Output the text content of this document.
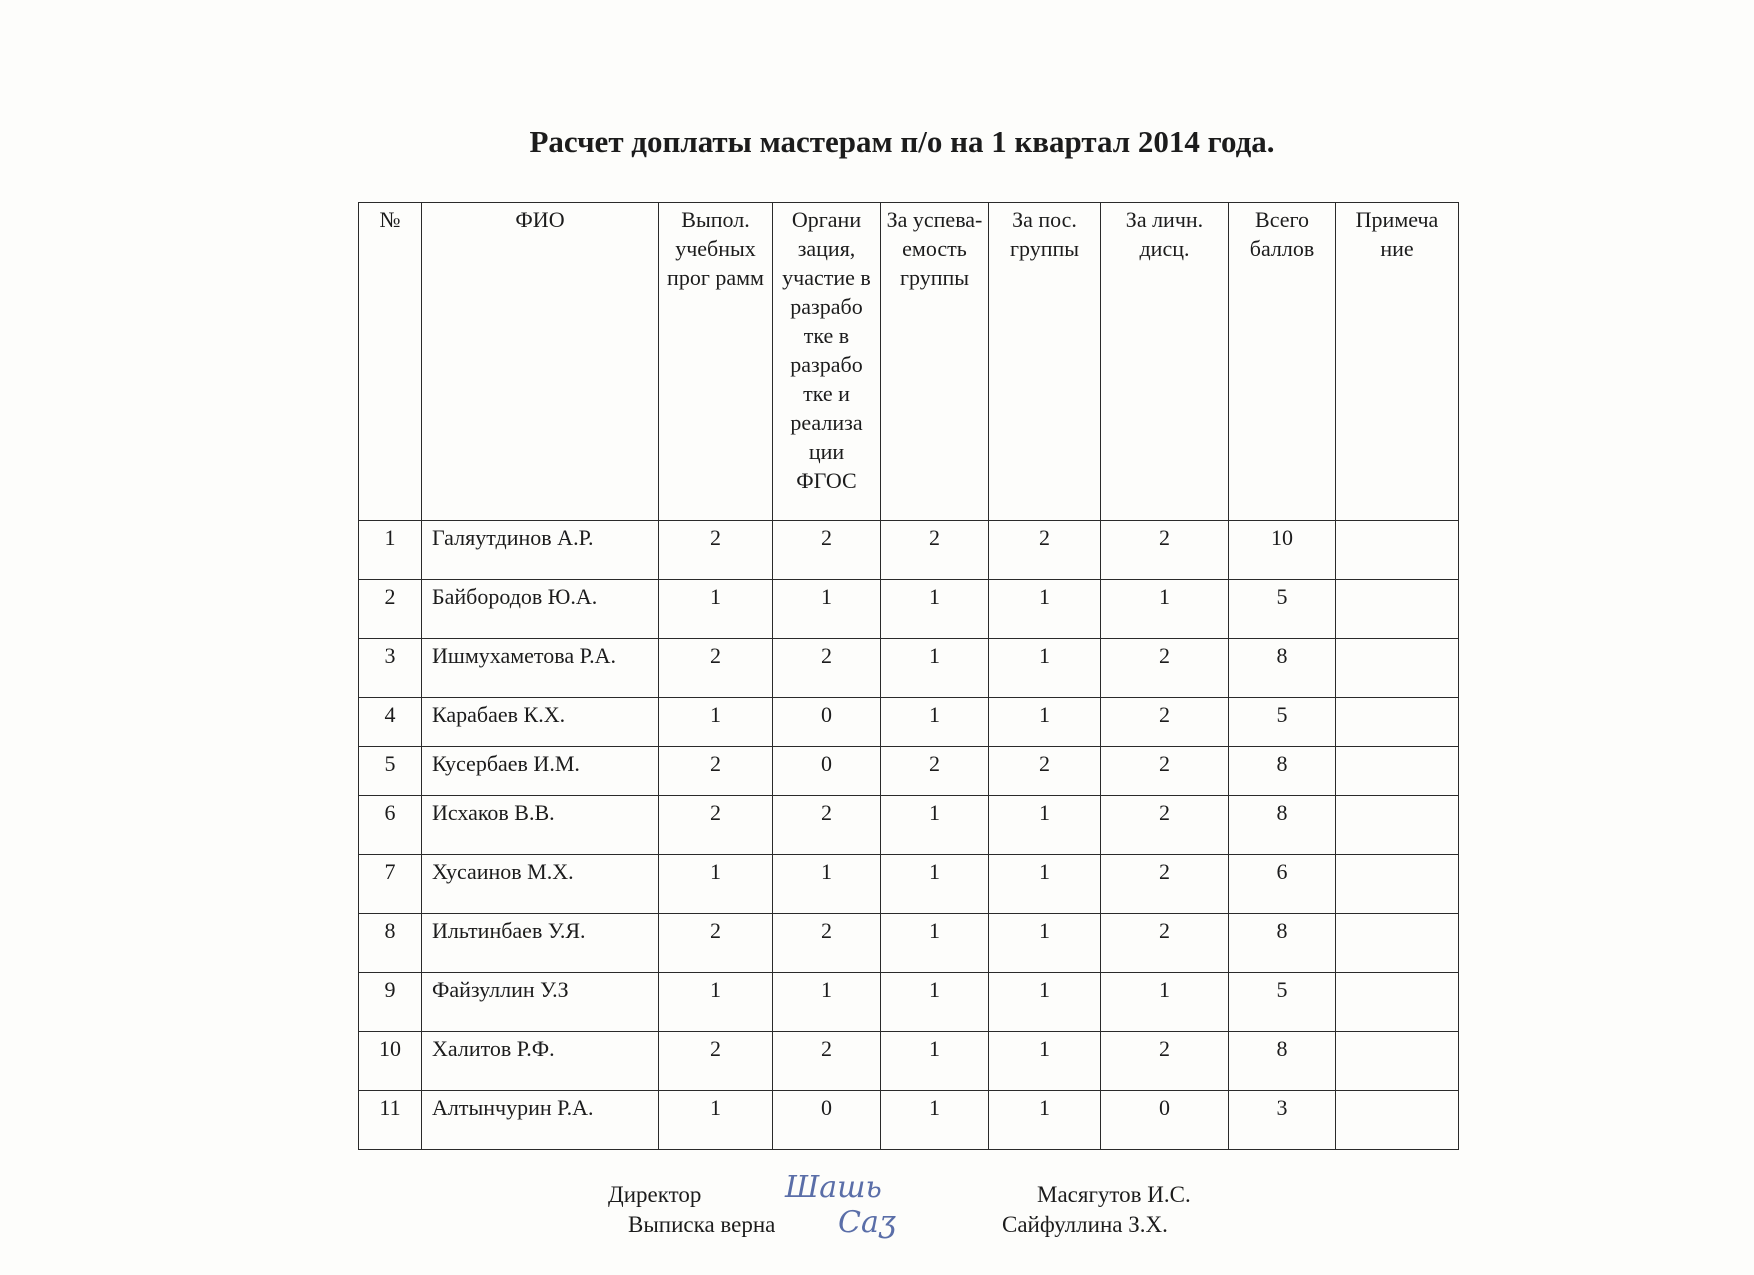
Расчет доплаты мастерам п/о на 1 квартал 2014 года.
№	ФИО	Выпол. учебных прог рамм	Органи зация, участие в разрабо тке в разрабо тке и реализа ции ФГОС	За успева-емость группы	За пос. группы	За личн. дисц.	Всего баллов	Примеча ние
1	Галяутдинов А.Р.	2	2	2	2	2	10	
2	Байбородов Ю.А.	1	1	1	1	1	5	
3	Ишмухаметова Р.А.	2	2	1	1	2	8	
4	Карабаев К.Х.	1	0	1	1	2	5	
5	Кусербаев И.М.	2	0	2	2	2	8	
6	Исхаков В.В.	2	2	1	1	2	8	
7	Хусаинов М.Х.	1	1	1	1	2	6	
8	Ильтинбаев У.Я.	2	2	1	1	2	8	
9	Файзуллин У.З	1	1	1	1	1	5	
10	Халитов Р.Ф.	2	2	1	1	2	8	
11	Алтынчурин Р.А.	1	0	1	1	0	3	
Директор	Шашь	Масягутов И.С.
Выписка верна Саӡ	Сайфуллина З.Х.
